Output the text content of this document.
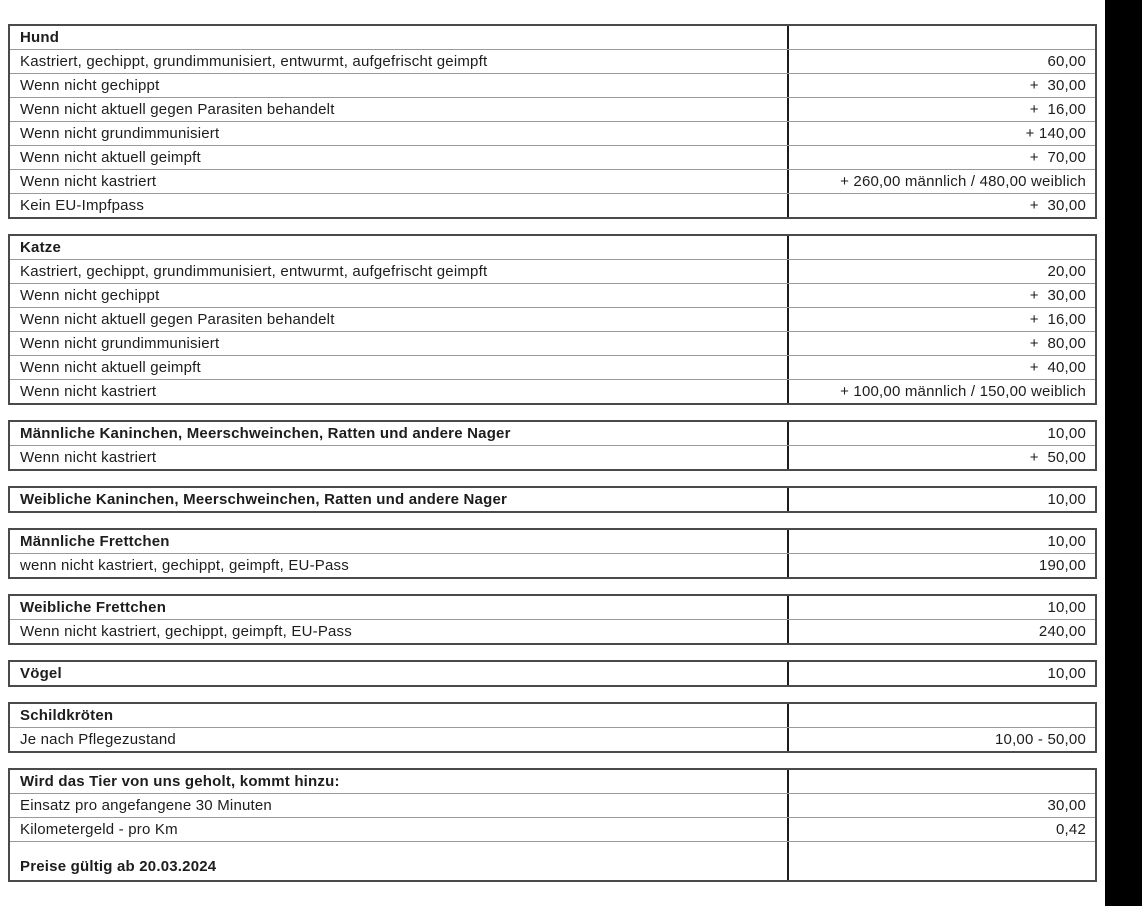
Hund
Kastriert, gechippt, grundimmunisiert, entwurmt, aufgefrischt geimpft	60,00
Wenn nicht gechippt	+  30,00
Wenn nicht aktuell gegen Parasiten behandelt	+  16,00
Wenn nicht grundimmunisiert	+ 140,00
Wenn nicht aktuell geimpft	+  70,00
Wenn nicht kastriert	+ 260,00 männlich / 480,00 weiblich
Kein EU-Impfpass	+  30,00
Katze
Kastriert, gechippt, grundimmunisiert, entwurmt, aufgefrischt geimpft	20,00
Wenn nicht gechippt	+  30,00
Wenn nicht aktuell gegen Parasiten behandelt	+  16,00
Wenn nicht grundimmunisiert	+  80,00
Wenn nicht aktuell geimpft	+  40,00
Wenn nicht kastriert	+ 100,00 männlich / 150,00 weiblich
Männliche Kaninchen, Meerschweinchen, Ratten und andere Nager	10,00
Wenn nicht kastriert	+  50,00
Weibliche Kaninchen, Meerschweinchen, Ratten und andere Nager	10,00
Männliche Frettchen	10,00
wenn nicht kastriert, gechippt, geimpft, EU-Pass	190,00
Weibliche Frettchen	10,00
Wenn nicht kastriert, gechippt, geimpft, EU-Pass	240,00
Vögel	10,00
Schildkröten
Je nach Pflegezustand	10,00 - 50,00
Wird das Tier von uns geholt, kommt hinzu:
Einsatz pro angefangene 30 Minuten	30,00
Kilometergeld - pro Km	0,42
Preise gültig ab 20.03.2024
